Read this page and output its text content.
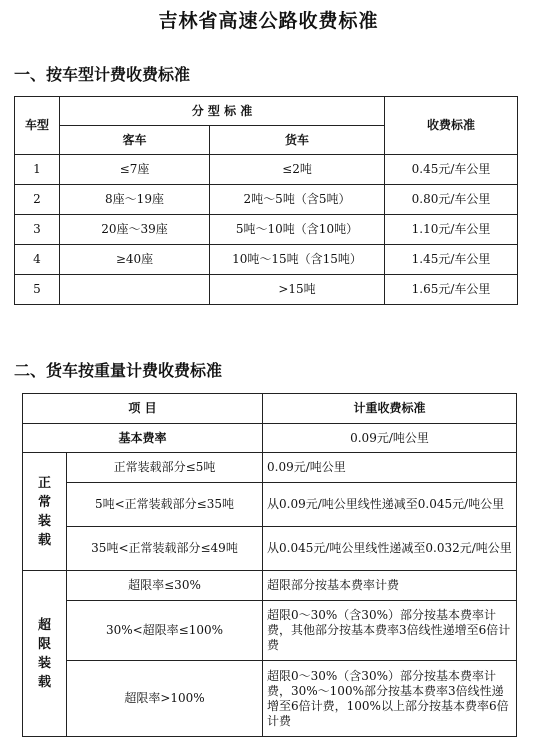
吉林省高速公路收费标准
一、按车型计费收费标准
车型	分 型 标 准		收费标准
	客车	货车	
1	≤7座	≤2吨	0.45元/车公里
2	8座～19座	2吨～5吨（含5吨）	0.80元/车公里
3	20座～39座	5吨～10吨（含10吨）	1.10元/车公里
4	≥40座	10吨～15吨（含15吨）	1.45元/车公里
5		>15吨	1.65元/车公里
二、货车按重量计费收费标准
项 目		计重收费标准
基本费率		0.09元/吨公里

正
常
装
载	正常装载部分≤5吨	0.09元/吨公里
	5吨<正常装载部分≤35吨	从0.09元/吨公里线性递减至0.045元/吨公里
	35吨<正常装载部分≤49吨	从0.045元/吨公里线性递减至0.032元/吨公里

超
限
装
载	超限率≤30%	超限部分按基本费率计费
	30%<超限率≤100%	超限0～30%（含30%）部分按基本费率计费，其他部分按基本费率3倍线性递增至6倍计费
	超限率>100%	超限0～30%（含30%）部分按基本费率计费，30%～100%部分按基本费率3倍线性递增至6倍计费，100%以上部分按基本费率6倍计费
